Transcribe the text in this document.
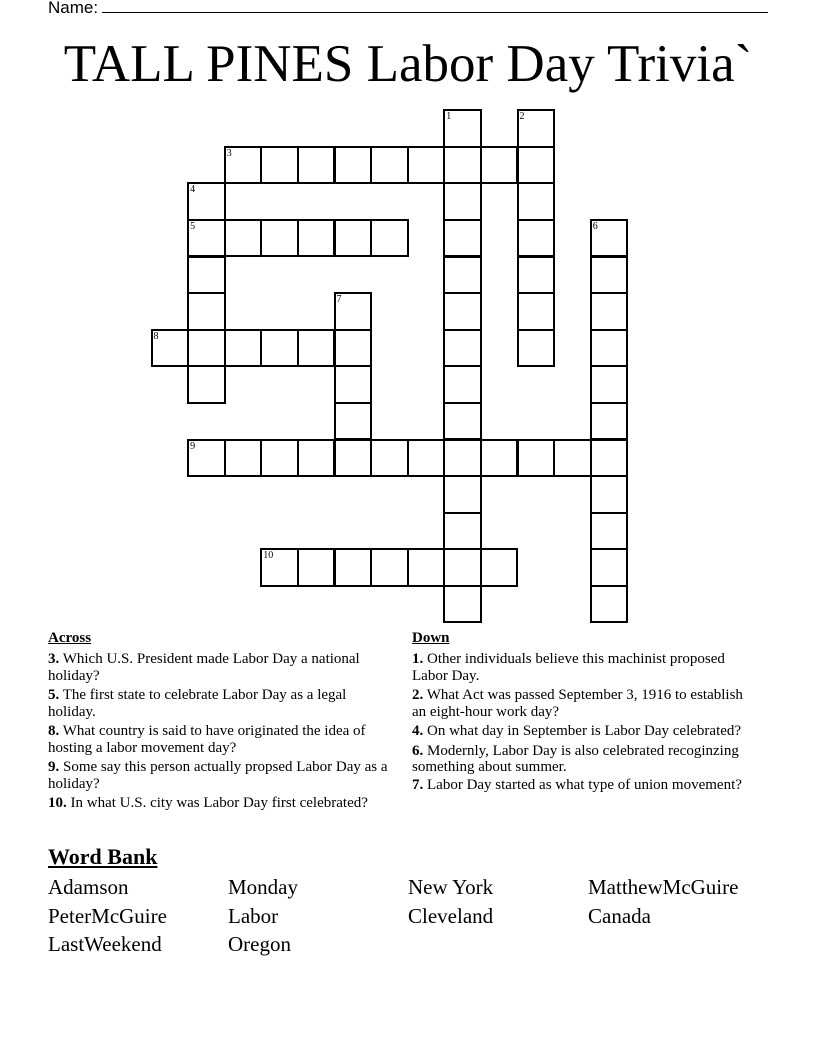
Name:
TALL PINES Labor Day Trivia`
1	2
3
4
5	6
7
8
9
10
Across
3. Which U.S. President made Labor Day a national holiday?
5. The first state to celebrate Labor Day as a legal holiday.
8. What country is said to have originated the idea of hosting a labor movement day?
9. Some say this person actually propsed Labor Day as a holiday?
10. In what U.S. city was Labor Day first celebrated?
Down
1. Other individuals believe this machinist proposed Labor Day.
2. What Act was passed September 3, 1916 to establish an eight-hour work day?
4. On what day in September is Labor Day celebrated?
6. Modernly, Labor Day is also celebrated recoginzing something about summer.
7. Labor Day started as what type of union movement?
Word Bank
Adamson	Monday	New York	MatthewMcGuire
PeterMcGuire	Labor	Cleveland	Canada
LastWeekend	Oregon
